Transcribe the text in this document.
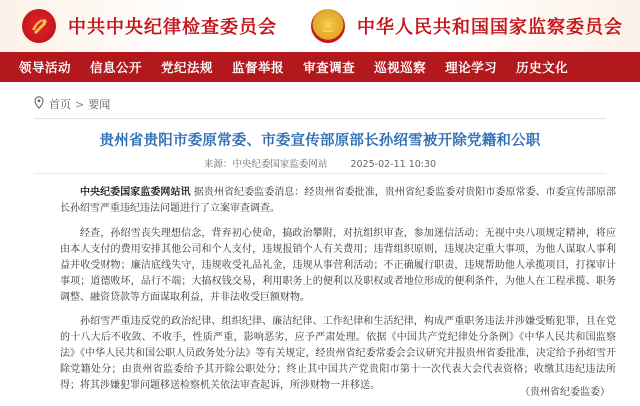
中共中央纪律检查委员会	中华人民共和国国家监察委员会
领导活动 信息公开 党纪法规 监督举报 审查调查 巡视巡察 理论学习 历史文化
首页 > 要闻
贵州省贵阳市委原常委、市委宣传部原部长孙绍雪被开除党籍和公职
来源：中央纪委国家监委网站 2025-02-11 10:30

中央纪委国家监委网站讯 据贵州省纪委监委消息：经贵州省委批准，贵州省纪委监委对贵阳市委原常委、市委宣传部原部长孙绍雪严重违纪违法问题进行了立案审查调查。

经查，孙绍雪丧失理想信念，背弃初心使命，搞政治攀附，对抗组织审查，参加迷信活动；无视中央八项规定精神，将应由本人支付的费用安排其他公司和个人支付，违规报销个人有关费用；违背组织原则，违规决定重大事项，为他人谋取人事利益并收受财物；廉洁底线失守，违规收受礼品礼金，违规从事营利活动；不正确履行职责，违规帮助他人承揽项目，打探审计事项；道德败坏，品行不端；大搞权钱交易，利用职务上的便利以及职权或者地位形成的便利条件，为他人在工程承揽、职务调整、融资贷款等方面谋取利益，并非法收受巨额财物。

孙绍雪严重违反党的政治纪律、组织纪律、廉洁纪律、工作纪律和生活纪律，构成严重职务违法并涉嫌受贿犯罪，且在党的十八大后不收敛、不收手，性质严重，影响恶劣，应予严肃处理。依据《中国共产党纪律处分条例》《中华人民共和国监察法》《中华人民共和国公职人员政务处分法》等有关规定，经贵州省纪委常委会会议研究并报贵州省委批准，决定给予孙绍雪开除党籍处分；由贵州省监委给予其开除公职处分；终止其中国共产党贵阳市第十一次代表大会代表资格；收缴其违纪违法所得；将其涉嫌犯罪问题移送检察机关依法审查起诉，所涉财物一并移送。

（贵州省纪委监委）
